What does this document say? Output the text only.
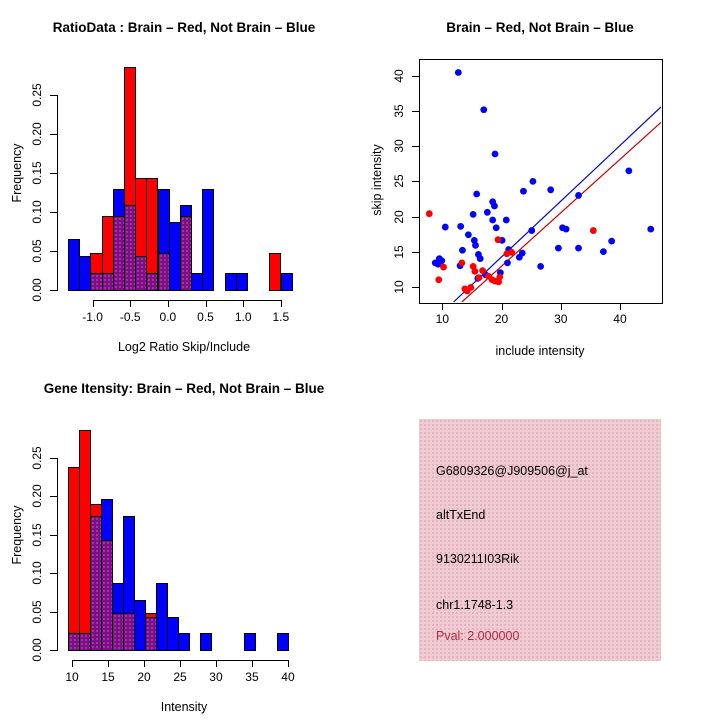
RatioData : Brain – Red, Not Brain – Blue
Frequency
Log2 Ratio Skip/Include
-1.0	-0.5	0.0	0.5	1.0	1.5
0.00
0.05
0.10
0.15
0.20
0.25
Brain – Red, Not Brain – Blue
skip intensity
include intensity
10	20	30	40
10
15
20
25
30
35
40
Gene Itensity: Brain – Red, Not Brain – Blue
Frequency
Intensity
10	15	20	25	30	35	40
0.00
0.05
0.10
0.15
0.20
0.25
G6809326@J909506@j_at
altTxEnd
9130211I03Rik
chr1.1748-1.3
Pval: 2.000000
